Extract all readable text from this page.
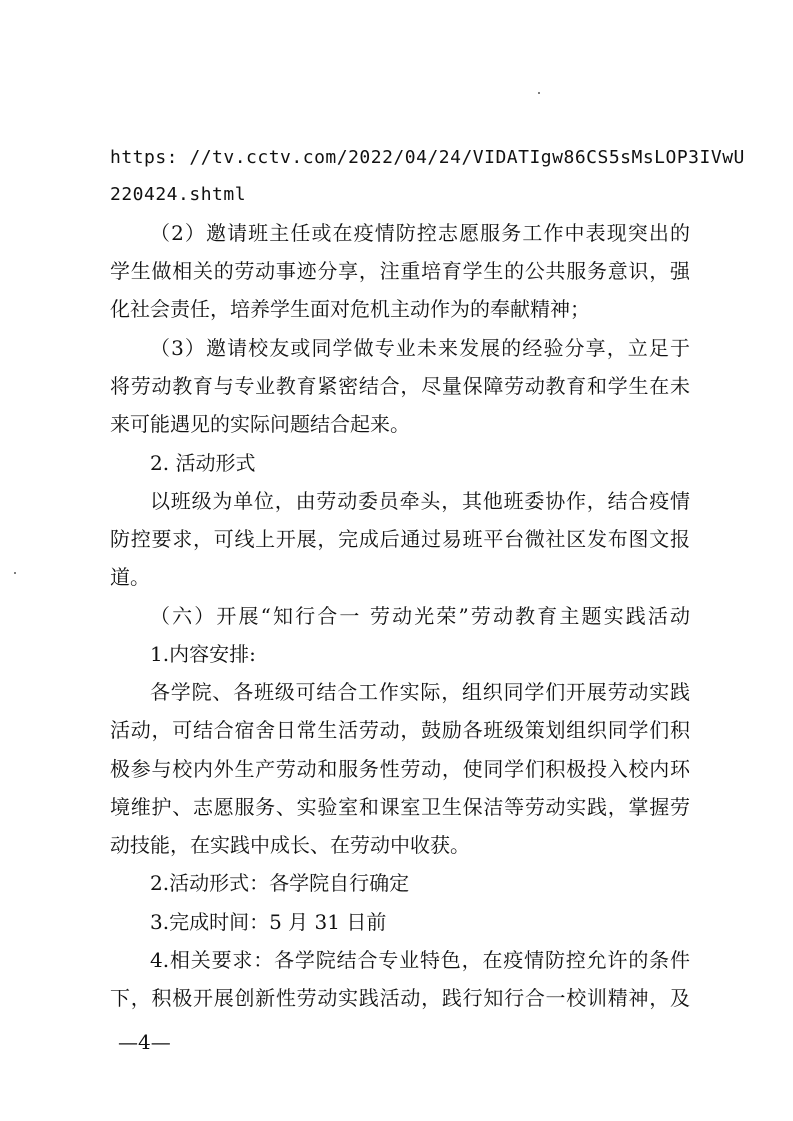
https: //tv.cctv.com/2022/04/24/VIDATIgw86CS5sMsLOP3IVwU
220424.shtml
（2）邀请班主任或在疫情防控志愿服务工作中表现突出的
学生做相关的劳动事迹分享，注重培育学生的公共服务意识，强
化社会责任，培养学生面对危机主动作为的奉献精神；
（3）邀请校友或同学做专业未来发展的经验分享，立足于
将劳动教育与专业教育紧密结合，尽量保障劳动教育和学生在未
来可能遇见的实际问题结合起来。
2. 活动形式
以班级为单位，由劳动委员牵头，其他班委协作，结合疫情
防控要求，可线上开展，完成后通过易班平台微社区发布图文报
道。
（六）开展“知行合一 劳动光荣”劳动教育主题实践活动
1.内容安排:
各学院、各班级可结合工作实际，组织同学们开展劳动实践
活动，可结合宿舍日常生活劳动，鼓励各班级策划组织同学们积
极参与校内外生产劳动和服务性劳动，使同学们积极投入校内环
境维护、志愿服务、实验室和课室卫生保洁等劳动实践，掌握劳
动技能，在实践中成长、在劳动中收获。
2.活动形式：各学院自行确定
3.完成时间：5 月 31 日前
4.相关要求：各学院结合专业特色，在疫情防控允许的条件
下，积极开展创新性劳动实践活动，践行知行合一校训精神，及
—4—
